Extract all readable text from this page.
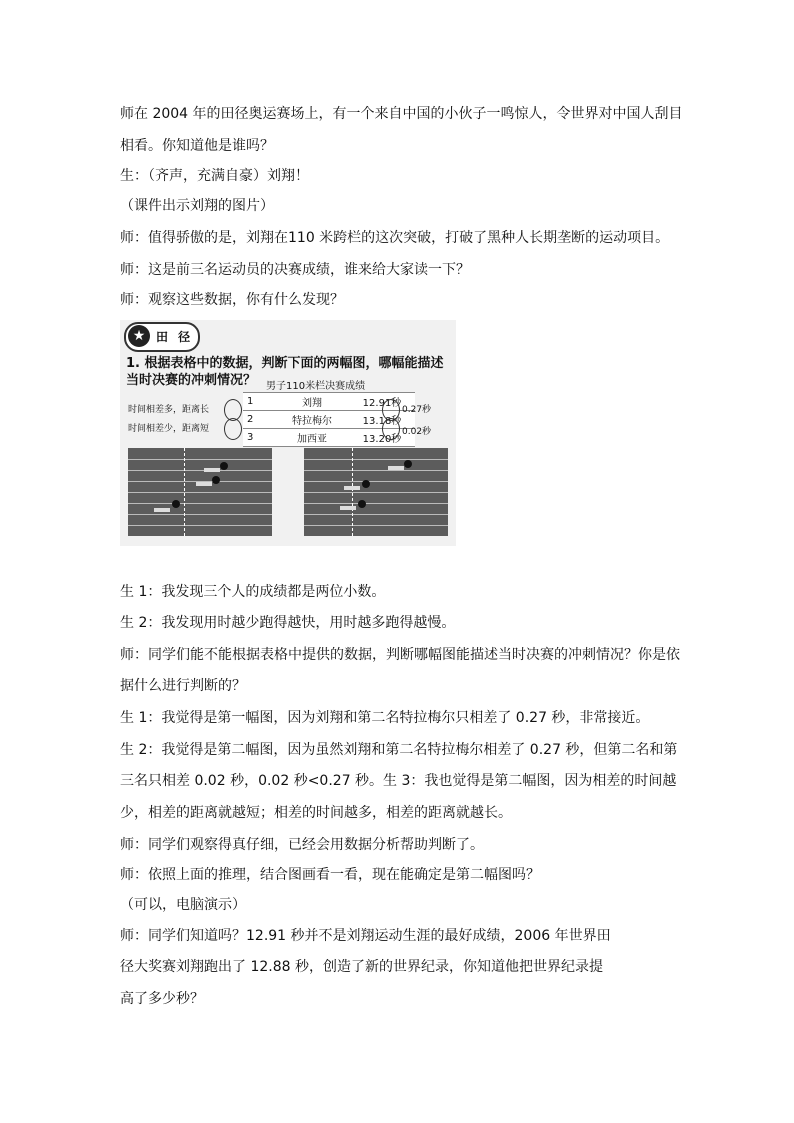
师在 2004 年的田径奥运赛场上，有一个来自中国的小伙子一鸣惊人，令世界对中国人刮目
相看。你知道他是谁吗？
生：（齐声，充满自豪）刘翔！
（课件出示刘翔的图片）
师：值得骄傲的是，刘翔在110 米跨栏的这次突破，打破了黑种人长期垄断的运动项目。
师：这是前三名运动员的决赛成绩，谁来给大家读一下？
师：观察这些数据，你有什么发现？
★ 田 径
1. 根据表格中的数据，判断下面的两幅图，哪幅能描述
当时决赛的冲刺情况？ 男子110米栏决赛成绩
1	刘翔	12.91秒
2	特拉梅尔	13.18秒
3	加西亚	13.20秒
时间相差多，距离长
时间相差少，距离短
0.27秒
0.02秒
生 1：我发现三个人的成绩都是两位小数。
生 2：我发现用时越少跑得越快，用时越多跑得越慢。
师：同学们能不能根据表格中提供的数据，判断哪幅图能描述当时决赛的冲刺情况？你是依
据什么进行判断的？
生 1：我觉得是第一幅图，因为刘翔和第二名特拉梅尔只相差了 0.27 秒，非常接近。
生 2：我觉得是第二幅图，因为虽然刘翔和第二名特拉梅尔相差了 0.27 秒，但第二名和第
三名只相差 0.02 秒，0.02 秒<0.27 秒。生 3：我也觉得是第二幅图，因为相差的时间越
少，相差的距离就越短；相差的时间越多，相差的距离就越长。
师：同学们观察得真仔细，已经会用数据分析帮助判断了。
师：依照上面的推理，结合图画看一看，现在能确定是第二幅图吗？
（可以，电脑演示）
师：同学们知道吗？12.91 秒并不是刘翔运动生涯的最好成绩，2006 年世界田
径大奖赛刘翔跑出了 12.88 秒，创造了新的世界纪录，你知道他把世界纪录提
高了多少秒？
